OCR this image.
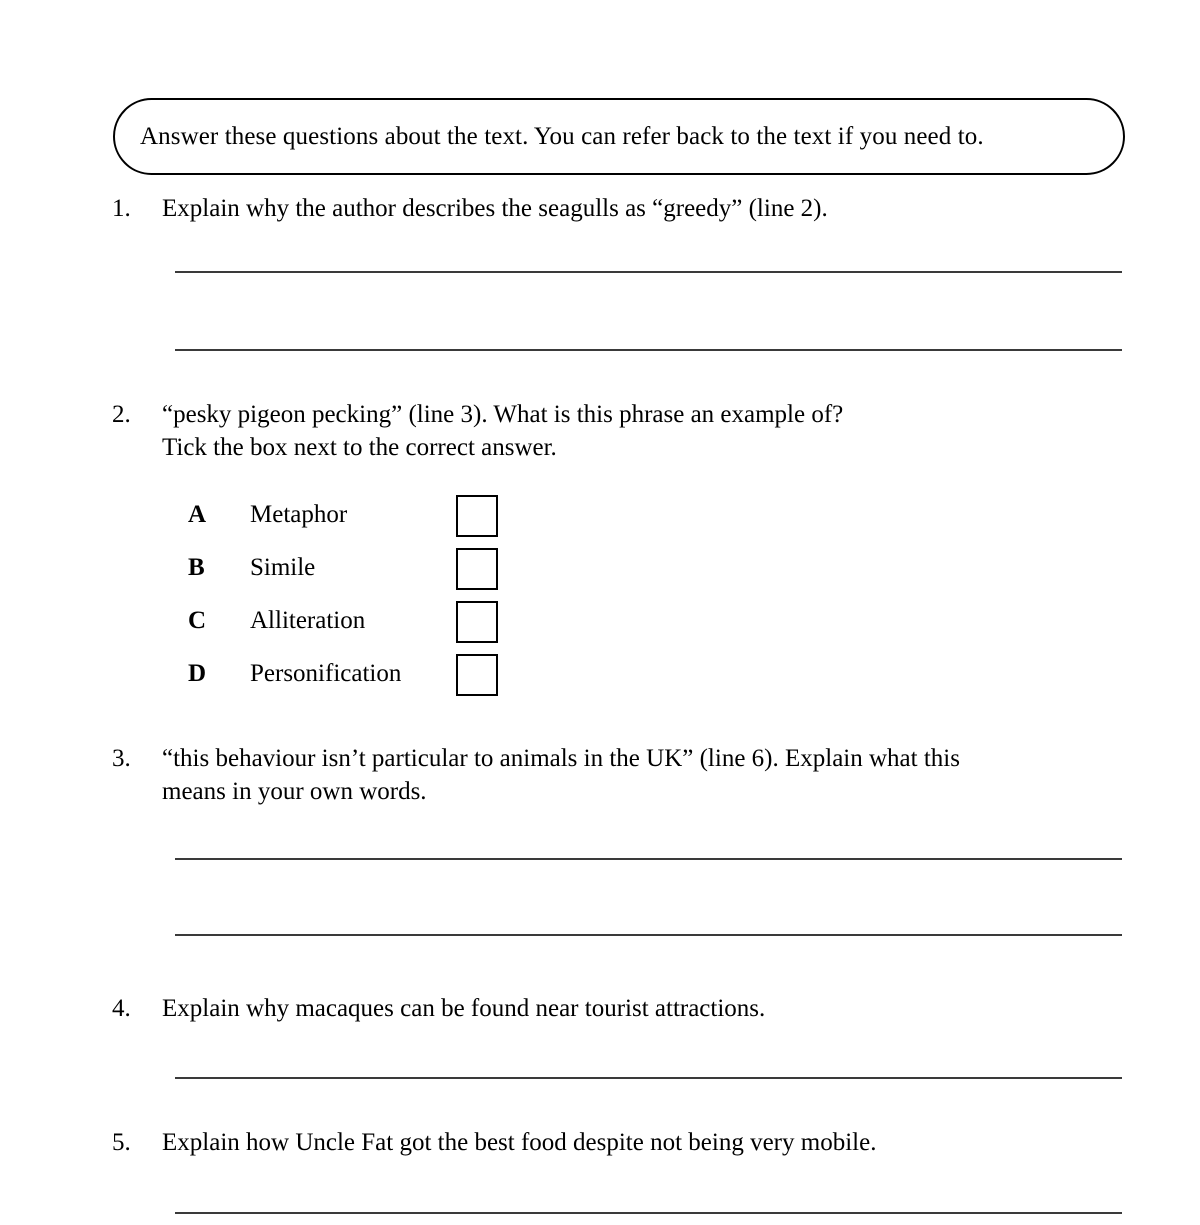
Answer these questions about the text. You can refer back to the text if you need to.
1.	Explain why the author describes the seagulls as “greedy” (line 2).
2.	“pesky pigeon pecking” (line 3). What is this phrase an example of?
Tick the box next to the correct answer.
A	Metaphor
B	Simile
C	Alliteration
D	Personification
3.	“this behaviour isn’t particular to animals in the UK” (line 6). Explain what this
means in your own words.
4.	Explain why macaques can be found near tourist attractions.
5.	Explain how Uncle Fat got the best food despite not being very mobile.
